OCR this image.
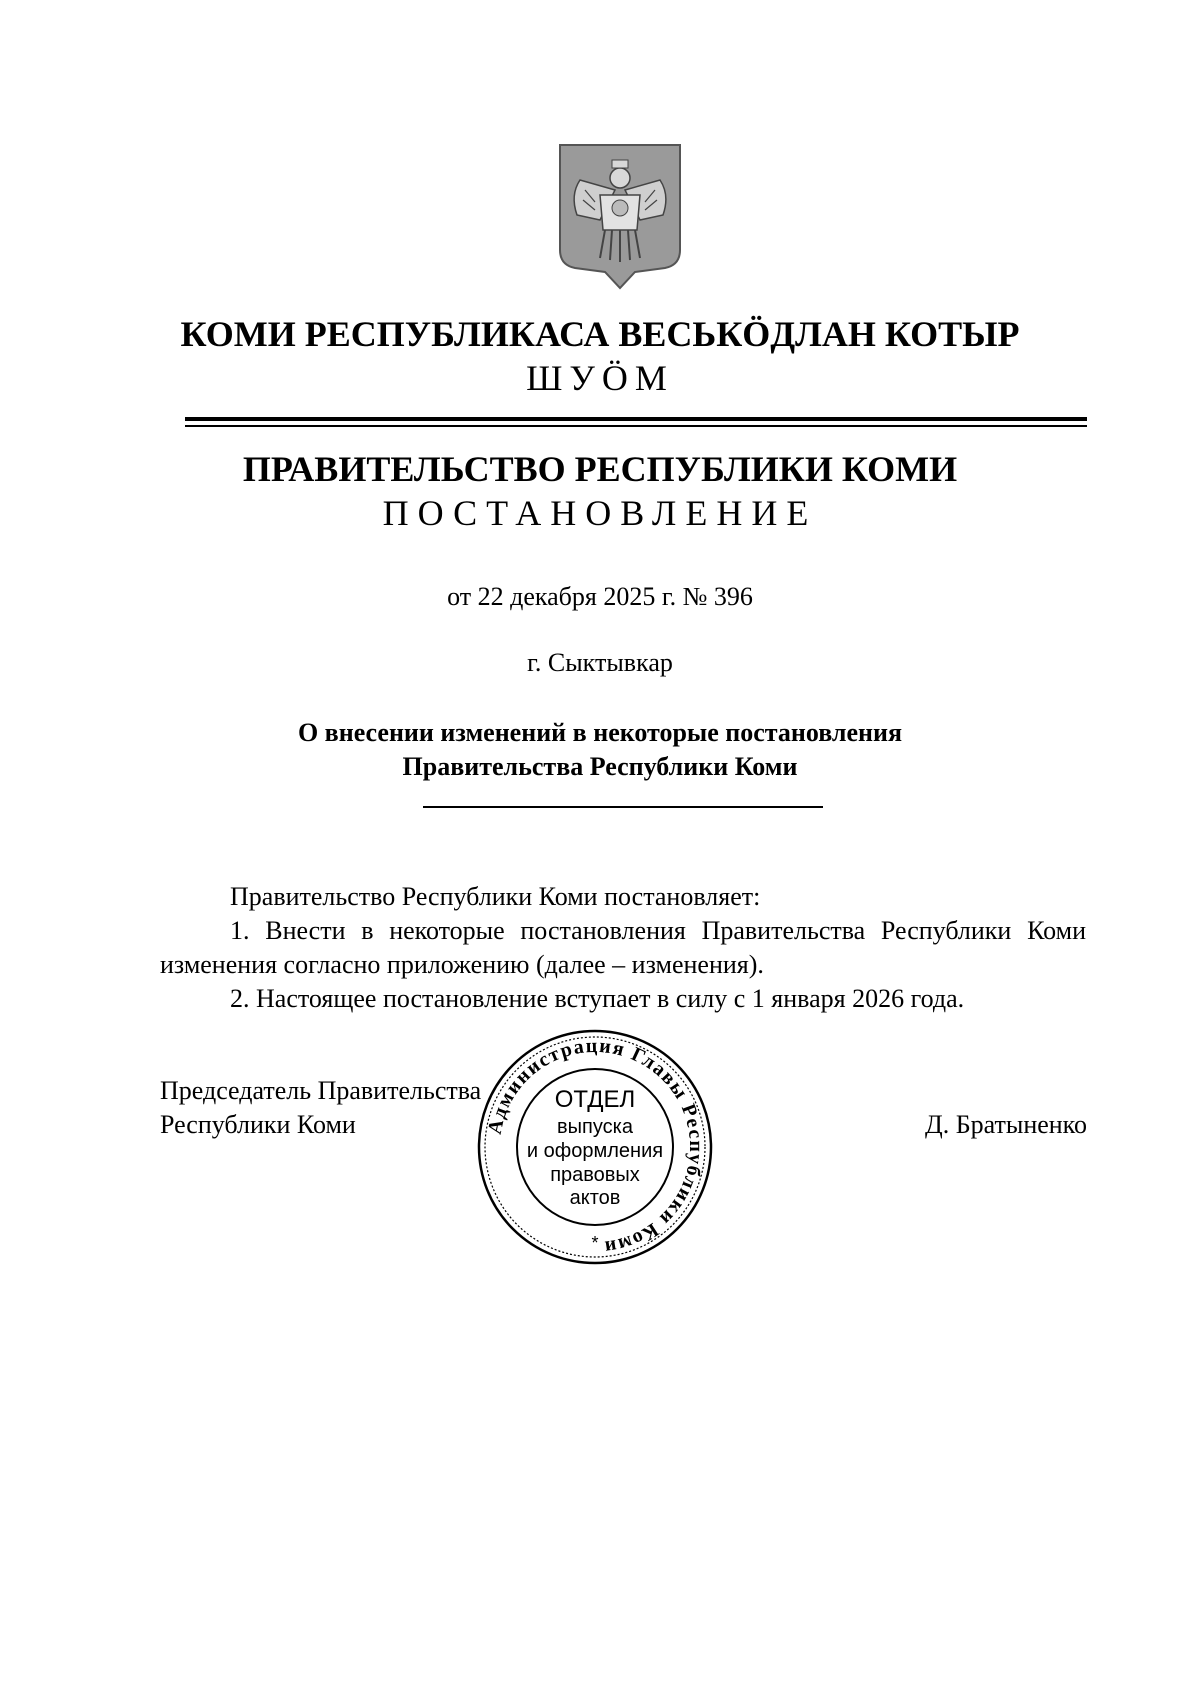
КОМИ РЕСПУБЛИКАСА ВЕСЬКӦДЛАН КОТЫР
ШУӦМ
ПРАВИТЕЛЬСТВО РЕСПУБЛИКИ КОМИ
ПОСТАНОВЛЕНИЕ
от 22 декабря 2025 г. № 396
г. Сыктывкар
О внесении изменений в некоторые постановления
Правительства Республики Коми
Правительство Республики Коми постановляет:
1. Внести в некоторые постановления Правительства Республики Коми изменения согласно приложению (далее – изменения).
2. Настоящее постановление вступает в силу с 1 января 2026 года.
Председатель Правительства
Республики Коми	Д. Братыненко
Администрация Главы Республики Коми
ОТДЕЛ
выпуска
и оформления
правовых
актов
*
